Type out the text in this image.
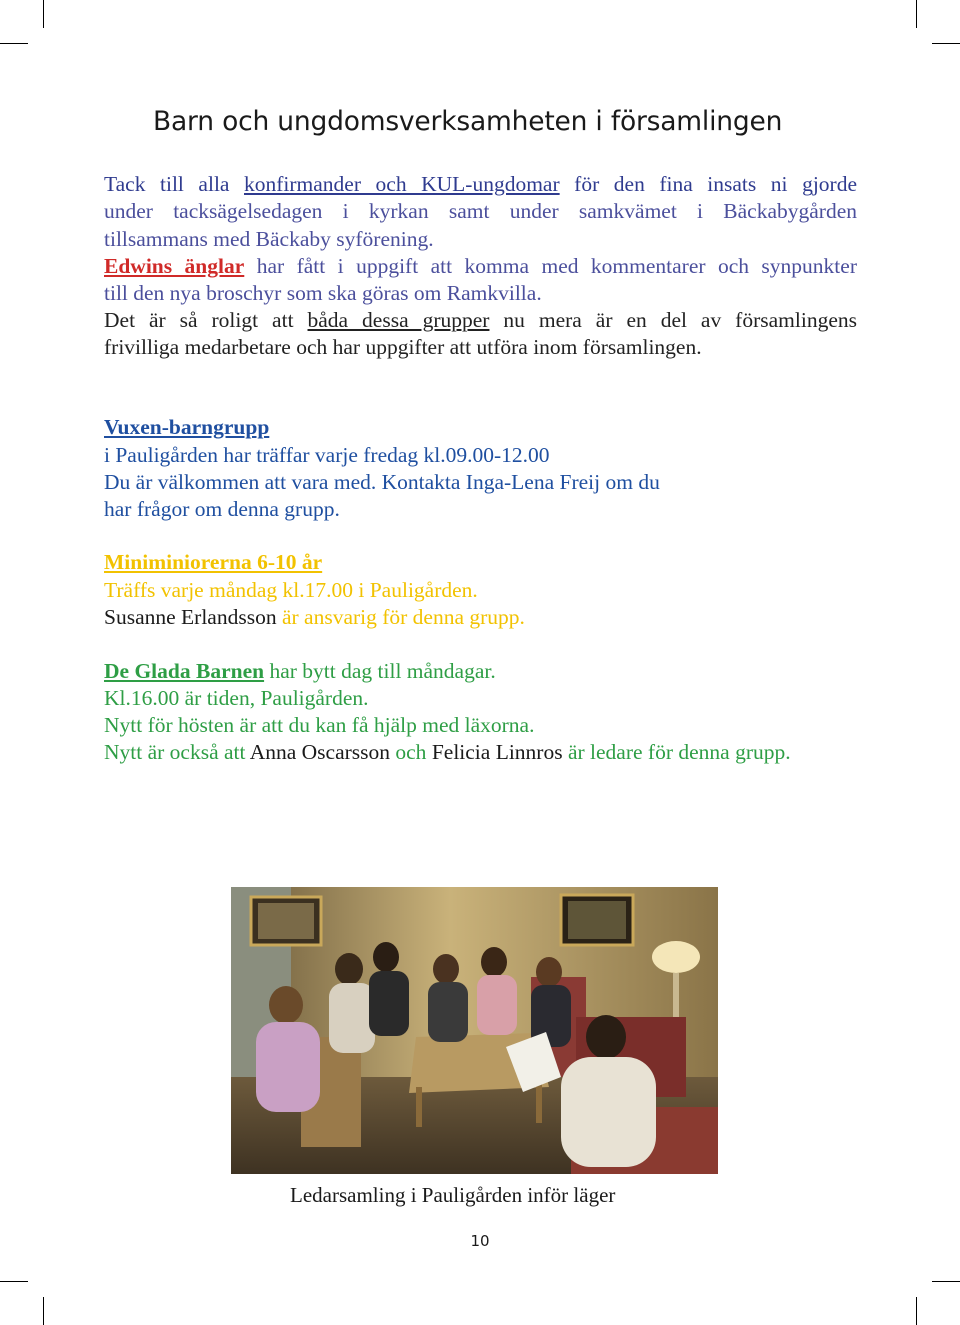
Barn och ungdomsverksamheten i församlingen

Tack till alla konfirmander och KUL-ungdomar för den fina insats ni gjorde

under tacksägelsedagen i kyrkan samt under samkvämet i Bäckabygården

tillsammans med Bäckaby syförening.

Edwins änglar har fått i uppgift att komma med kommentarer och synpunkter

till den nya broschyr som ska göras om Ramkvilla.

Det är så roligt att båda dessa grupper nu mera är en del av församlingens

frivilliga medarbetare och har uppgifter att utföra inom församlingen.

Vuxen-barngrupp

i Pauligården har träffar varje fredag kl.09.00-12.00

Du är välkommen att vara med. Kontakta Inga-Lena Freij om du

har frågor om denna grupp.

Miniminiorerna 6-10 år

Träffs varje måndag kl.17.00 i Pauligården.

Susanne Erlandsson är ansvarig för denna grupp.

De Glada Barnen har bytt dag till måndagar.

Kl.16.00 är tiden, Pauligården.

Nytt för hösten är att du kan få hjälp med läxorna.

Nytt är också att Anna Oscarsson och Felicia Linnros är ledare för denna grupp.

Ledarsamling i Pauligården inför läger
10
